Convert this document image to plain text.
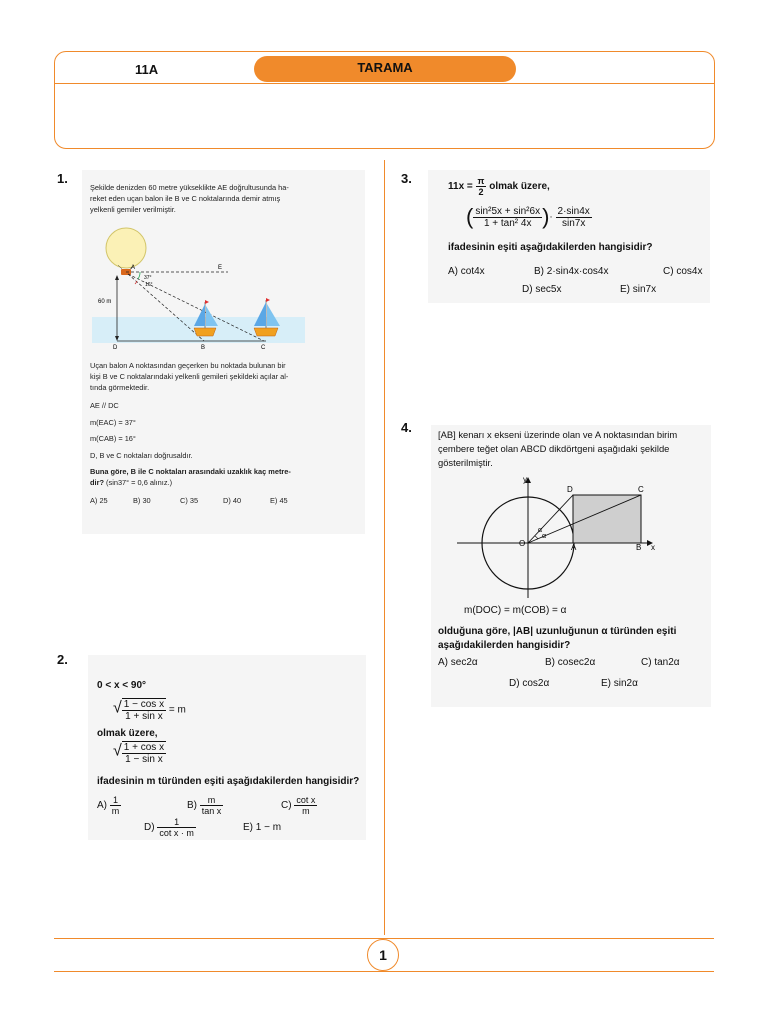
11A	TARAMA
1
1.
Şekilde denizden 60 metre yükseklikte AE doğrultusunda ha-
reket eden uçan balon ile B ve C noktalarında demir atmış
yelkenli gemiler verilmiştir.
A	E
60 m
D	B	C
37°
16°
Uçan balon A noktasından geçerken bu noktada bulunan bir
kişi B ve C noktalarındaki yelkenli gemileri şekildeki açılar al-
tında görmektedir.
AE // DC
m(EAC) = 37°
m(CAB) = 16°
D, B ve C noktaları doğrusaldır.
Buna göre, B ile C noktaları arasındaki uzaklık kaç metre-
dir? (sin37° = 0,6 alınız.)
A) 25	B) 30	C) 35	D) 40	E) 45
2.
0 < x < 90°
√ $\frac{\text{1 − cos x}}{\text{1 + sin x}} = m$
olmak üzere,
√ $\frac{\text{1 + cos x}}{\text{1 − sin x}}$
ifadesinin m türünden eşiti aşağıdakilerden hangisidir?
$A) \frac{1}{m}$	$B) \frac{m}{\text{tan x}}$	$C) \frac{\text{cot x}}{m}$
$D) \frac{1}{\text{cot x · m}}$	E) 1 − m
3.
$11x = \frac{\pi}{2}$ olmak üzere,
( $\frac{\text{sin²5x + sin²6x}}{\text{1 + tan² 4x}}$ )· $\frac{2\cdot\sin 4x}{\sin 7x}$
ifadesinin eşiti aşağıdakilerden hangisidir?
A) cot4x	B) 2·sin4x·cos4x	C) cos4x
D) sec5x	E) sin7x
4.	[AB] kenarı x ekseni üzerinde olan ve A noktasından birim
çembere teğet olan ABCD dikdörtgeni aşağıdaki şekilde
gösterilmiştir.
D	C
O	A	B x
y
α
α
m(DOC) = m(COB) = α
olduğuna göre, |AB| uzunluğunun α türünden eşiti
aşağıdakilerden hangisidir?
A) sec2α	B) cosec2α	C) tan2α
D) cos2α	E) sin2α
